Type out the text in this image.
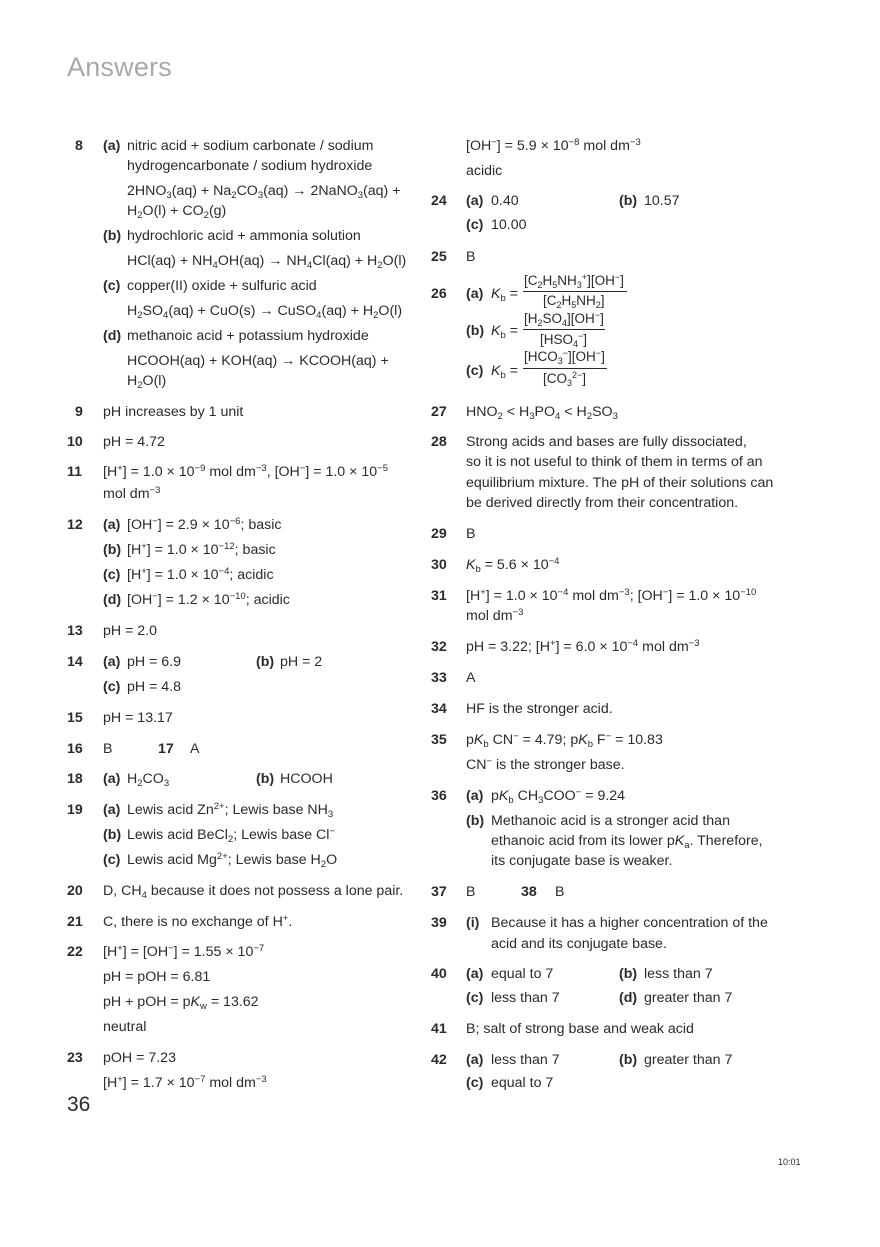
Answers
8 (a) nitric acid + sodium carbonate / sodium
hydrogencarbonate / sodium hydroxide
$2HNO_3(aq) + Na_2CO_3(aq)$ → 2NaNO$_3$(aq) +
$H_2O(l) + CO_2(g)$
(b) hydrochloric acid + ammonia solution
$HCl(aq) + NH_4OH(aq) \to NH_4Cl(aq) + H_2O(l)$
(c) copper(II) oxide + sulfuric acid
$H_2SO_4(aq) + CuO(s)$ → CuSO$_4$(aq) + $H_2O(l)$
(d) methanoic acid + potassium hydroxide
HCOOH(aq) + KOH(aq) → KCOOH(aq) +
$H_2O(l)$
9 pH increases by 1 unit
10 pH = 4.72
11 $[H^+] = 1.0 \times 10^{-9}$ mol $dm^{-3}$, $[OH^-] = 1.0 \times 10^{-5}$
mol $dm^{-3}$
12 (a) $[OH^-] = 2.9 \times 10^{-6}$; basic
(b) $[H^+] = 1.0 \times 10^{-12}$; basic
(c) $[H^+] = 1.0 \times 10^{-4}$; acidic
(d) $[OH^-] = 1.2 \times 10^{-10}$; acidic
13 pH = 2.0
14 (a) pH = 6.9	(b) pH = 2
(c) pH = 4.8
15 pH = 13.17
16 B	17 A
18 (a) $H_2CO_3$	(b) HCOOH
19 (a) Lewis acid $Zn^{2+}$; Lewis base $NH_3$
(b) Lewis acid BeCl$_2$; Lewis base Cl−
(c) Lewis acid $Mg^{2+}$; Lewis base $H_2O$
20 D, $CH_4$ because it does not possess a lone pair.
21 C, there is no exchange of H+.
22 $[H^+] = [OH^-] = 1.55 \times 10^{-7}$
pH = pOH = 6.81
pH + pOH = $pK_w = 13.62$
neutral
23 pOH = 7.23
$[H^+] = 1.7 \times 10^{-7}$ mol $dm^{-3}$
36
$[OH^-] = 5.9 \times 10^{-8}$ mol $dm^{-3}$
acidic
24 (a) 0.40	(b) 10.57
(c) 10.00
25 B
26 (a) $K_b$ =
$[C_2H_5NH_3^+][OH^-]$
$[C_2H_5NH_2]$
(b) $K_b$ =
$[H_2SO_4][OH^-]$
$[HSO_4^-]$
(c) $K_b$ =
$[HCO_3^-][OH^-]$
$[CO_3^{2-}]$
27 $HNO_2 < H_3PO_4 < H_2SO_3$
28 Strong acids and bases are fully dissociated,
so it is not useful to think of them in terms of an
equilibrium mixture. The pH of their solutions can
be derived directly from their concentration.
29 B
30 $K_b = 5.6 \times 10^{-4}$
31 $[H^+] = 1.0 \times 10^{-4}$ mol $dm^{-3}$; $[OH^-] = 1.0 \times 10^{-10}$
mol $dm^{-3}$
32 pH = 3.22; $[H^+] = 6.0 \times 10^{-4}$ mol $dm^{-3}$
33 A
34 HF is the stronger acid.
35 $pK_b$ CN− = 4.79; $pK_b$ F− = 10.83
CN− is the stronger base.
36 (a) $pK_b$ $CH_3COO^- = 9.24$
(b) Methanoic acid is a stronger acid than
ethanoic acid from its lower $pK_a$. Therefore,
its conjugate base is weaker.
37 B	38 B
39 (i) Because it has a higher concentration of the
acid and its conjugate base.
40 (a) equal to 7	(b) less than 7
(c) less than 7	(d) greater than 7
41 B; salt of strong base and weak acid
42 (a) less than 7	(b) greater than 7
(c) equal to 7
10:01
